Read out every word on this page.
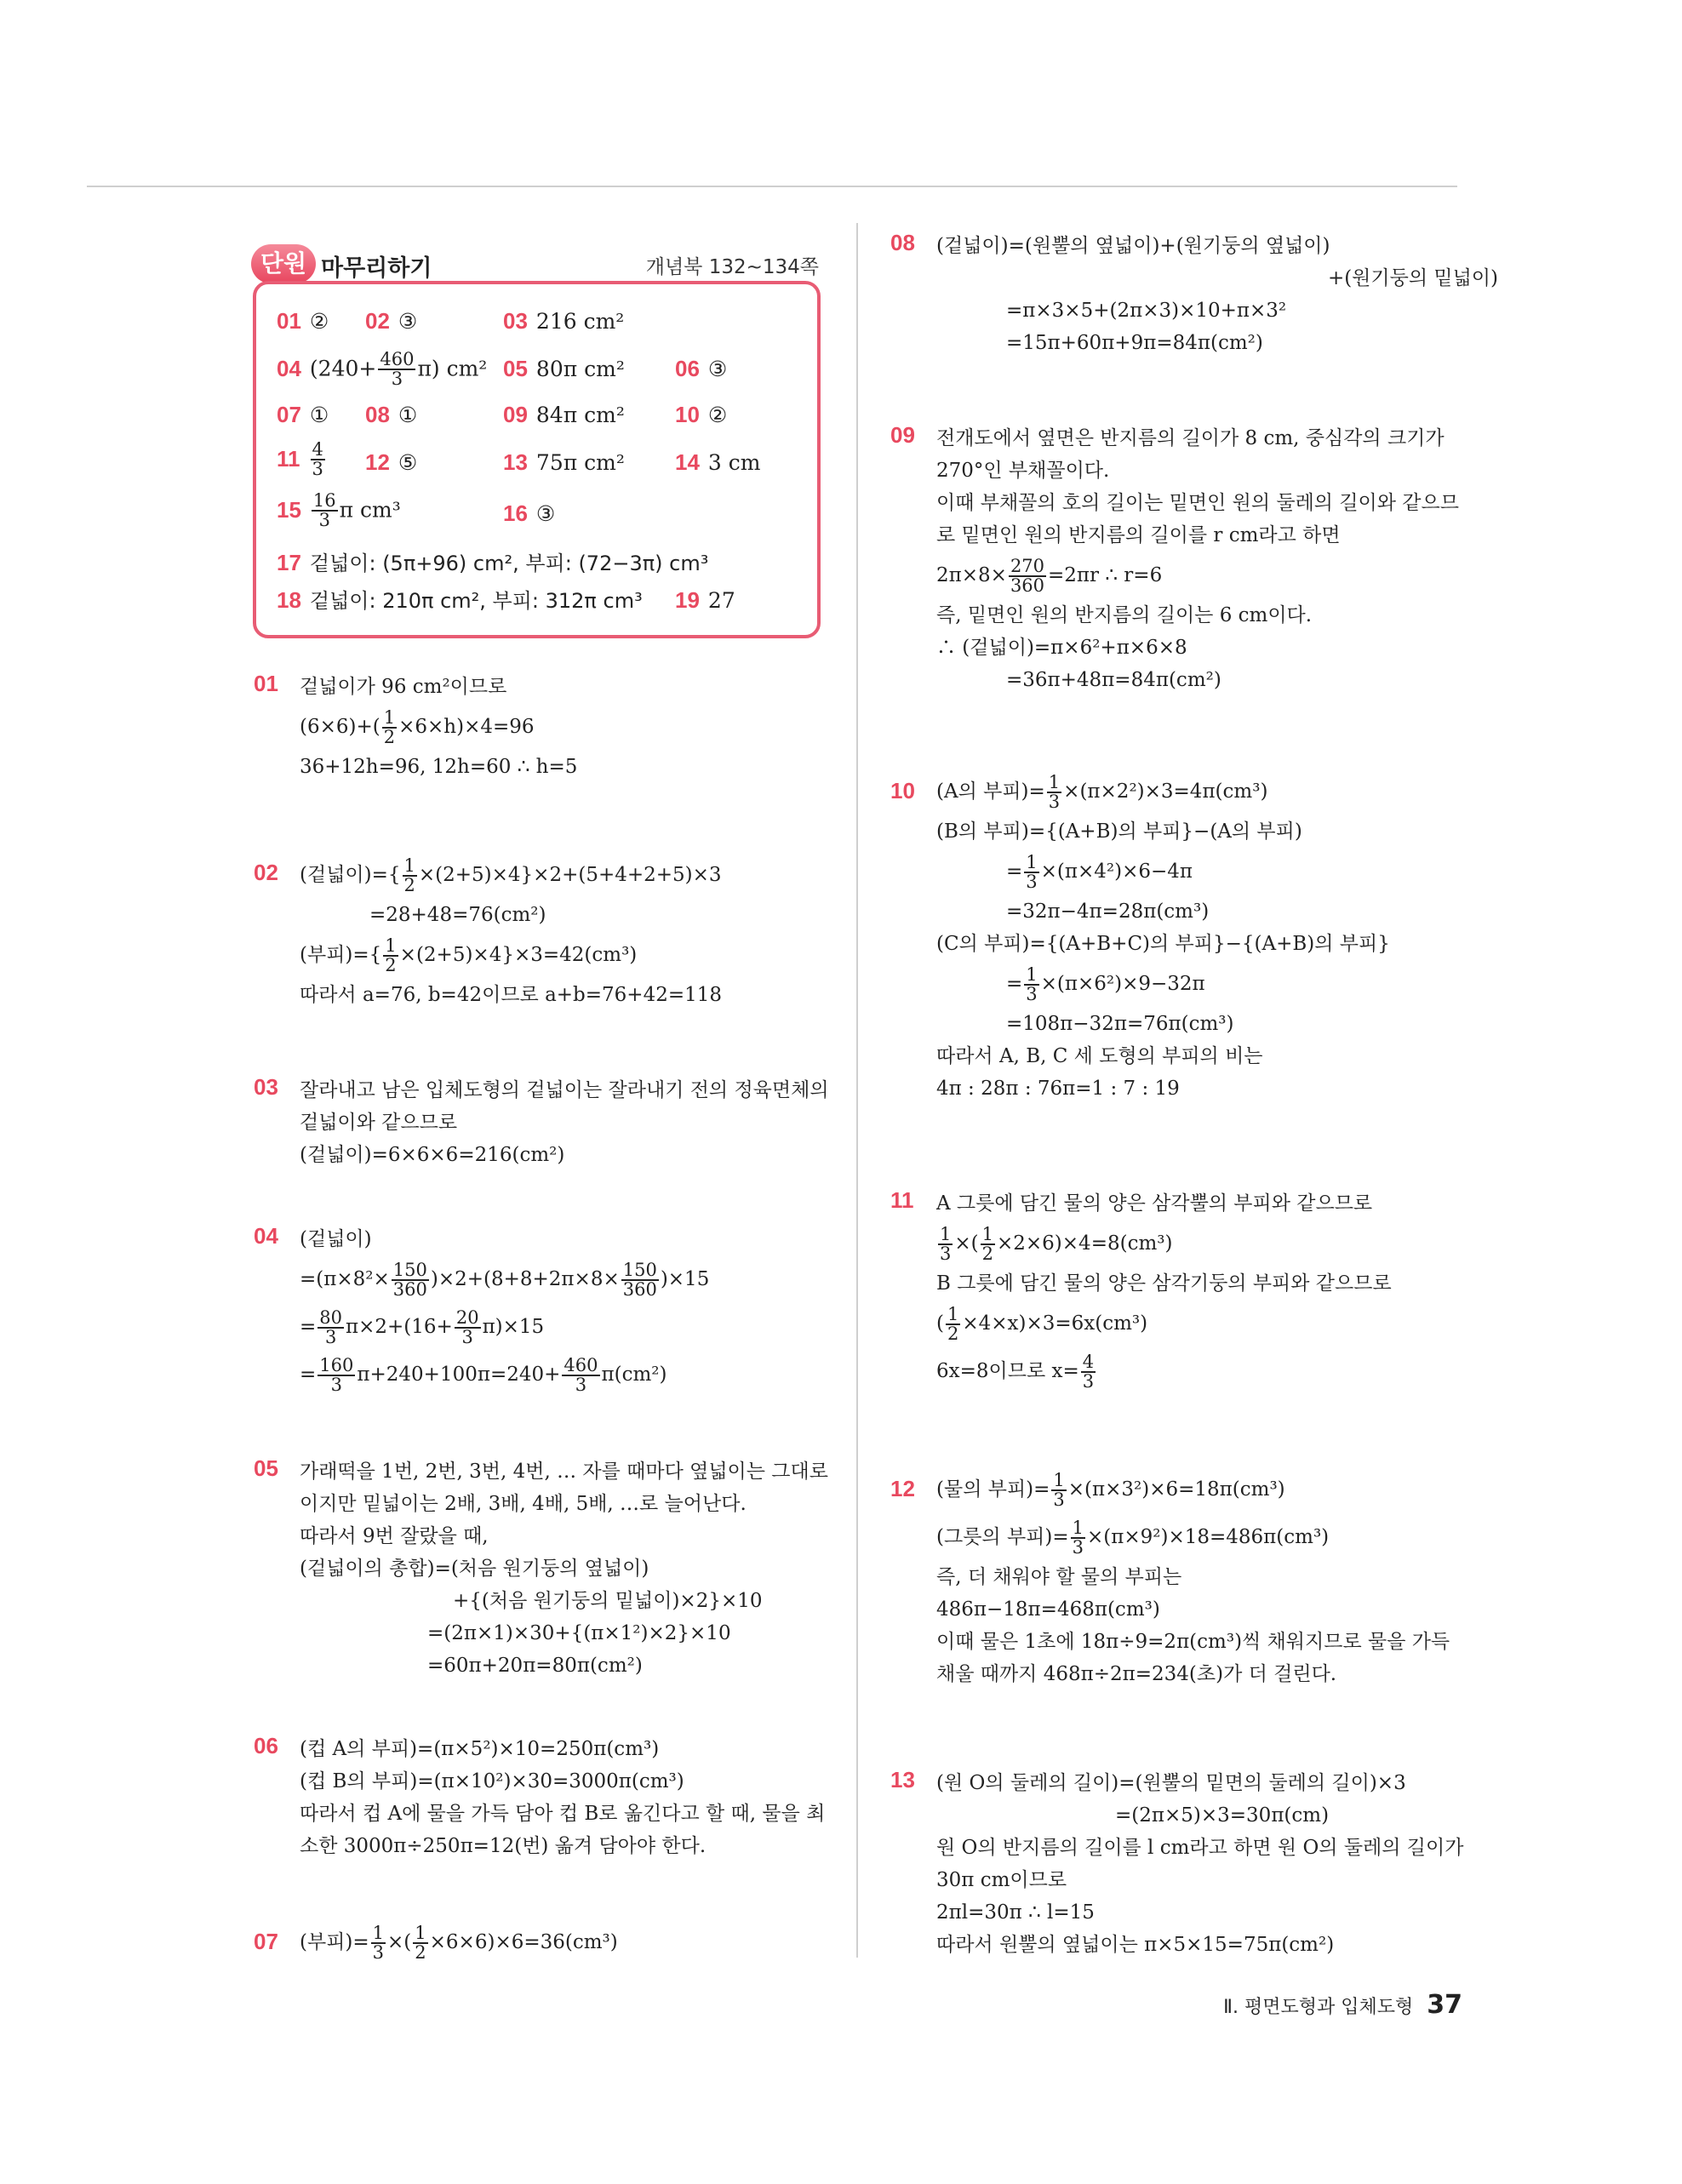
단원 마무리하기	개념북 132~134쪽
01 ② 02 ③	03 216 cm²
04 $(240+ \frac{460}{3} \pi)$ cm² 05 80π cm² 06 ③
07 ① 08 ①	09 84π cm² 10 ②
$11 \frac{4}{3} 12$ ⑤	13 75π cm² 14 3 cm
$15 \frac{16}{3}$ π cm³	16 ③
17 겉넓이: (5π+96) cm², 부피: (72−3π) cm³
18 겉넓이: 210π cm², 부피: 312π cm³ 19 27
01 겉넓이가 96 cm²이므로
$(6\times 6)+( \frac{1}{2} \times 6\times h)\times 4=96$
36+12h=96, 12h=60 ∴ h=5
02 (겉넓이)={ $\frac{1}{2} \times(2+5)\times 4\}\times 2+(5+4+2+5)\times 3$
=28+48=76(cm²)
(부피)={ $\frac{1}{2} \times(2+5)\times 4\}\times 3=42(cm^3)$
따라서 a=76, b=42이므로 a+b=76+42=118
03 잘라내고 남은 입체도형의 겉넓이는 잘라내기 전의 정육면체의
겉넓이와 같으므로
(겉넓이)=6×6×6=216(cm²)
04 (겉넓이)
$=(\pi\times 8^2\times \frac{150}{360} )\times 2+(8+8+2\pi\times 8\times \frac{150}{360} )\times 15$
= $\frac{80}{3} \pi\times 2+(16+ \frac{20}{3} \pi)\times 15$
= $\frac{160}{3} \pi+240+100\pi=240+ \frac{460}{3} \pi(cm^2)$
05 가래떡을 1번, 2번, 3번, 4번, … 자를 때마다 옆넓이는 그대로
이지만 밑넓이는 2배, 3배, 4배, 5배, …로 늘어난다.
따라서 9번 잘랐을 때,
(겉넓이의 총합)=(처음 원기둥의 옆넓이)
+{(처음 원기둥의 밑넓이)×2}×10
=(2π×1)×30+{(π×1²)×2}×10
=60π+20π=80π(cm²)
06 (컵 A의 부피)=(π×5²)×10=250π(cm³)
(컵 B의 부피)=(π×10²)×30=3000π(cm³)
따라서 컵 A에 물을 가득 담아 컵 B로 옮긴다고 할 때, 물을 최
소한 3000π÷250π=12(번) 옮겨 담아야 한다.
07 (부피)= $\frac{1}{3}$ ×( $\frac{1}{2} \times 6\times 6)\times 6=36(cm^3)$
08 (겉넓이)=(원뿔의 옆넓이)+(원기둥의 옆넓이)
+(원기둥의 밑넓이)
=π×3×5+(2π×3)×10+π×3²
=15π+60π+9π=84π(cm²)
09 전개도에서 옆면은 반지름의 길이가 8 cm, 중심각의 크기가
270°인 부채꼴이다.
이때 부채꼴의 호의 길이는 밑면인 원의 둘레의 길이와 같으므
로 밑면인 원의 반지름의 길이를 r cm라고 하면
$2\pi\times 8\times \frac{270}{360} =2\pi r$ ∴ r=6
즉, 밑면인 원의 반지름의 길이는 6 cm이다.
∴ (겉넓이)=π×6²+π×6×8
=36π+48π=84π(cm²)
10 (A의 부피)= $\frac{1}{3} \times(\pi\times 2^2)\times 3=4\pi(cm^3)$
(B의 부피)={(A+B)의 부피}−(A의 부피)
= $\frac{1}{3} \times(\pi\times 4^2)\times 6-4\pi$
=32π−4π=28π(cm³)
(C의 부피)={(A+B+C)의 부피}−{(A+B)의 부피}
= $\frac{1}{3} \times(\pi\times 6^2)\times 9-32\pi$
=108π−32π=76π(cm³)
따라서 A, B, C 세 도형의 부피의 비는
4π : 28π : 76π=1 : 7 : 19
11 A 그릇에 담긴 물의 양은 삼각뿔의 부피와 같으므로
$\frac{1}{3}$ ×( $\frac{1}{2} \times 2\times 6)\times 4=8(cm^3)$
B 그릇에 담긴 물의 양은 삼각기둥의 부피와 같으므로
( $\frac{1}{2} \times 4\times x)\times 3=6x(cm^3)$
6x=8이므로 $x= \frac{4}{3}$
12 (물의 부피)= $\frac{1}{3} \times(\pi\times 3^2)\times 6=18\pi(cm^3)$
(그릇의 부피)= $\frac{1}{3} \times(\pi\times 9^2)\times 18=486\pi(cm^3)$
즉, 더 채워야 할 물의 부피는
486π−18π=468π(cm³)
이때 물은 1초에 18π÷9=2π(cm³)씩 채워지므로 물을 가득
채울 때까지 468π÷2π=234(초)가 더 걸린다.
13 (원 O의 둘레의 길이)=(원뿔의 밑면의 둘레의 길이)×3
=(2π×5)×3=30π(cm)
원 O의 반지름의 길이를 l cm라고 하면 원 O의 둘레의 길이가
30π cm이므로
2πl=30π ∴ l=15
따라서 원뿔의 옆넓이는 π×5×15=75π(cm²)
Ⅱ. 평면도형과 입체도형 37
